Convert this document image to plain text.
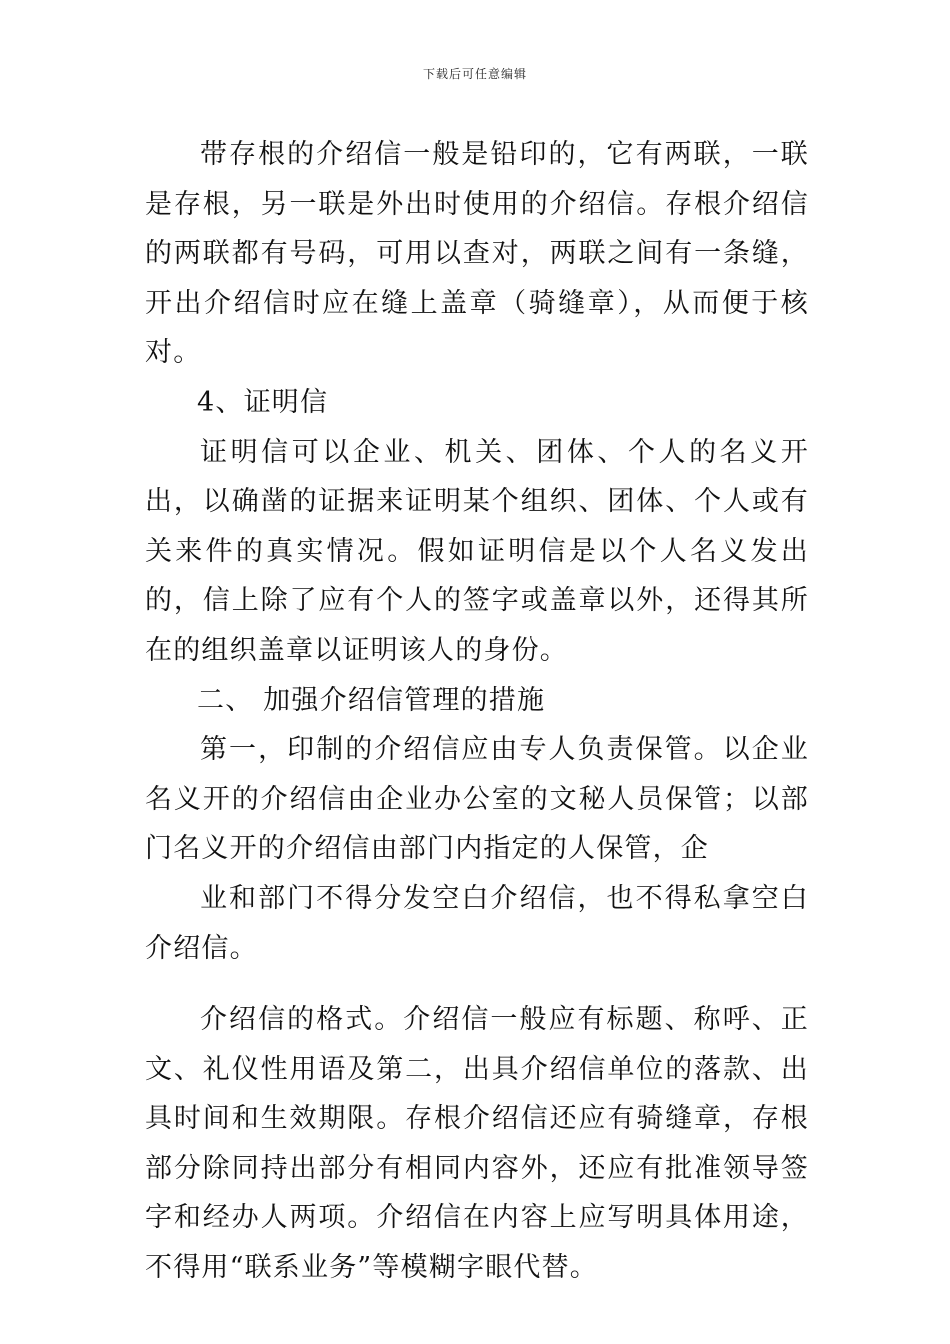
下载后可任意编辑

带存根的介绍信一般是铅印的，它有两联，一联是存根，另一联是外出时使用的介绍信。存根介绍信的两联都有号码，可用以查对，两联之间有一条缝，开出介绍信时应在缝上盖章（骑缝章），从而便于核对。

4、证明信

证明信可以企业、机关、团体、个人的名义开出，以确凿的证据来证明某个组织、团体、个人或有关来件的真实情况。假如证明信是以个人名义发出的，信上除了应有个人的签字或盖章以外，还得其所在的组织盖章以证明该人的身份。

二、 加强介绍信管理的措施

第一，印制的介绍信应由专人负责保管。以企业名义开的介绍信由企业办公室的文秘人员保管；以部门名义开的介绍信由部门内指定的人保管，企

业和部门不得分发空白介绍信，也不得私拿空白介绍信。

介绍信的格式。介绍信一般应有标题、称呼、正文、礼仪性用语及第二，出具介绍信单位的落款、出具时间和生效期限。存根介绍信还应有骑缝章，存根部分除同持出部分有相同内容外，还应有批准领导签字和经办人两项。介绍信在内容上应写明具体用途，不得用“联系业务”等模糊字眼代替。
